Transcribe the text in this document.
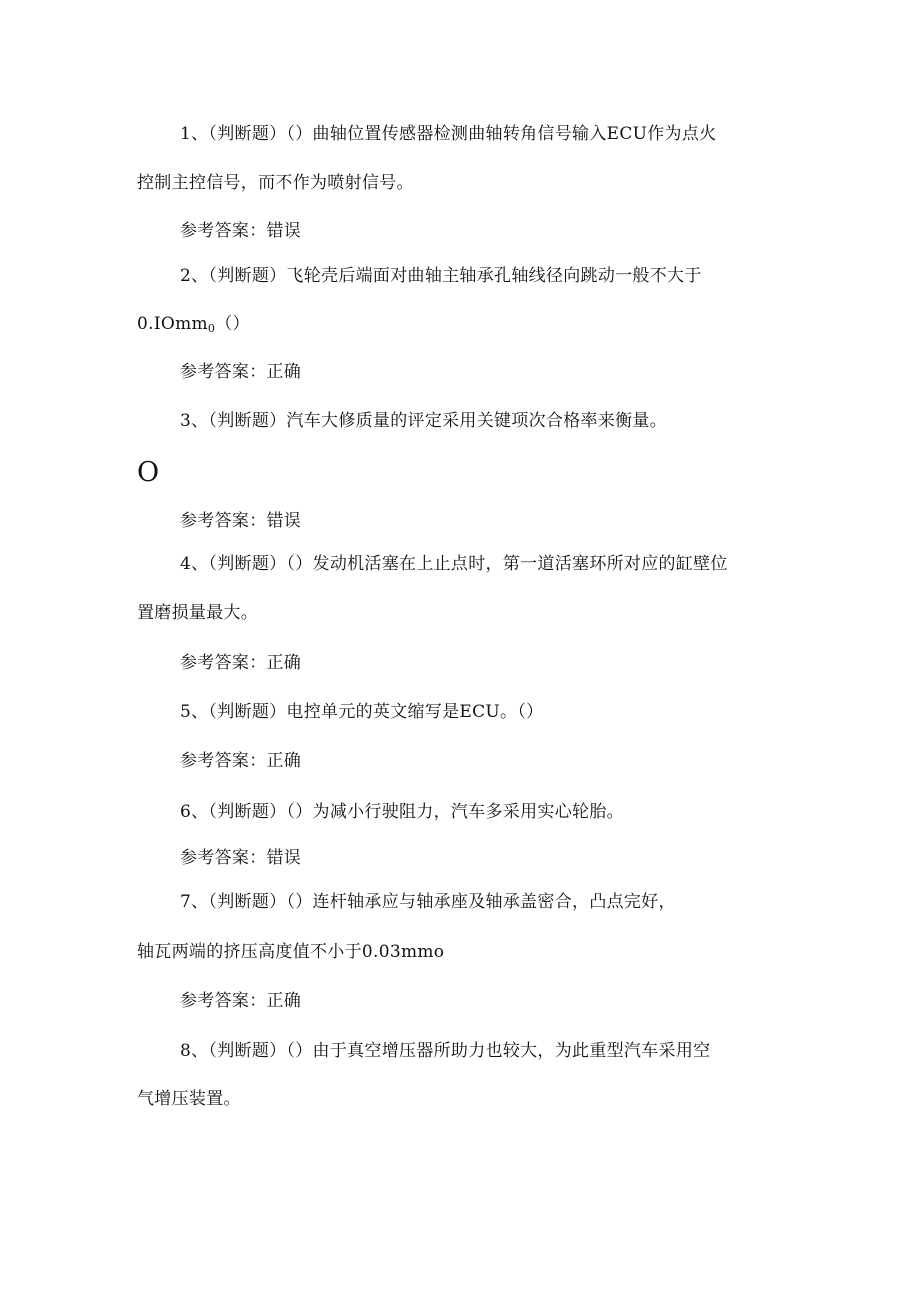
1、（判断题）（）曲轴位置传感器检测曲轴转角信号输入ECU作为点火
控制主控信号，而不作为喷射信号。
参考答案：错误
2、（判断题）飞轮壳后端面对曲轴主轴承孔轴线径向跳动一般不大于
0.IOmm$_0$（）
参考答案：正确
3、（判断题）汽车大修质量的评定采用关键项次合格率来衡量。
O
参考答案：错误
4、（判断题）（）发动机活塞在上止点时，第一道活塞环所对应的缸壁位
置磨损量最大。
参考答案：正确
5、（判断题）电控单元的英文缩写是ECU。（）
参考答案：正确
6、（判断题）（）为减小行驶阻力，汽车多采用实心轮胎。
参考答案：错误
7、（判断题）（）连杆轴承应与轴承座及轴承盖密合，凸点完好，
轴瓦两端的挤压高度值不小于0.03mmo
参考答案：正确
8、（判断题）（）由于真空增压器所助力也较大，为此重型汽车采用空
气增压装置。
